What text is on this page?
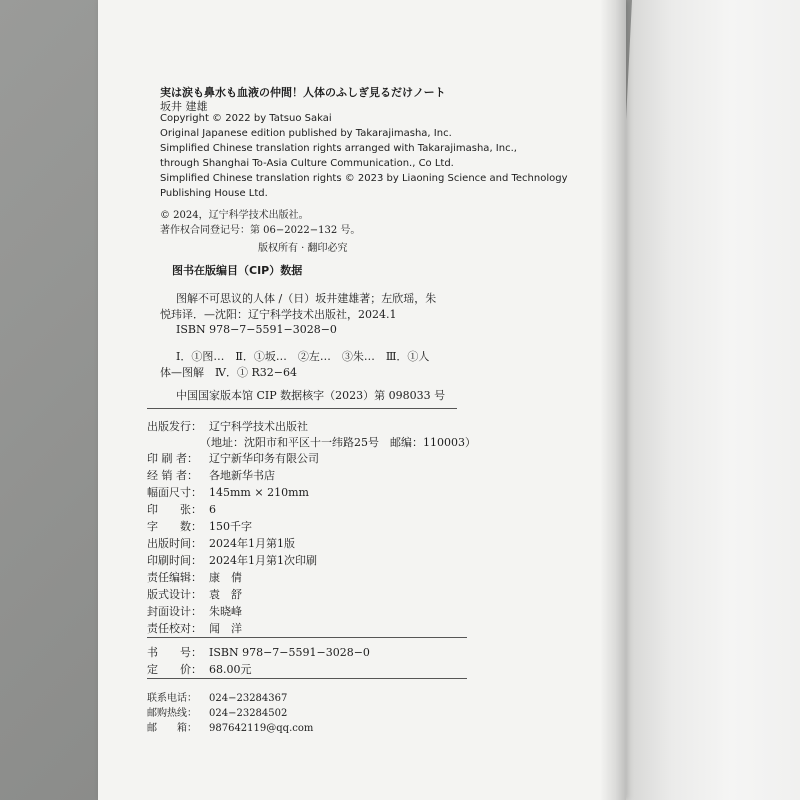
実は涙も鼻水も血液の仲間！人体のふしぎ見るだけノート
坂井 建雄
Copyright © 2022 by Tatsuo Sakai
Original Japanese edition published by Takarajimasha, Inc.
Simplified Chinese translation rights arranged with Takarajimasha, Inc.,
through Shanghai To-Asia Culture Communication., Co Ltd.
Simplified Chinese translation rights © 2023 by Liaoning Science and Technology
Publishing House Ltd.
© 2024，辽宁科学技术出版社。
著作权合同登记号：第 06−2022−132 号。
版权所有 · 翻印必究
图书在版编目（CIP）数据
图解不可思议的人体 /（日）坂井建雄著；左欣瑶，朱
悦玮译．—沈阳：辽宁科学技术出版社，2024.1
ISBN 978−7−5591−3028−0
Ⅰ．①图…　Ⅱ．①坂…　②左…　③朱…　Ⅲ．①人
体—图解　Ⅳ．① R32−64
中国国家版本馆 CIP 数据核字（2023）第 098033 号
出版发行： 辽宁科学技术出版社
（地址：沈阳市和平区十一纬路25号　邮编：110003）
印 刷 者： 辽宁新华印务有限公司
经 销 者： 各地新华书店
幅面尺寸： 145mm × 210mm
印　　张： 6
字　　数： 150千字
出版时间： 2024年1月第1版
印刷时间： 2024年1月第1次印刷
责任编辑： 康　倩
版式设计： 袁　舒
封面设计： 朱晓峰
责任校对： 闻　洋
书　　号： ISBN 978−7−5591−3028−0
定　　价： 68.00元
联系电话： 024−23284367
邮购热线： 024−23284502
邮　　箱： 987642119@qq.com
